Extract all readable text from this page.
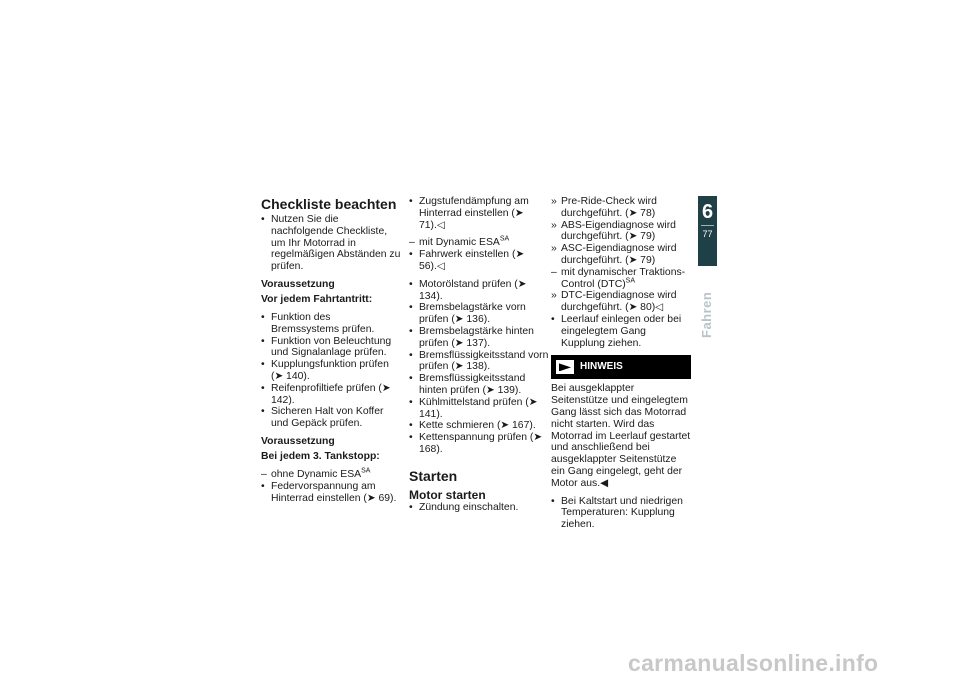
Checkliste beachten
• Nutzen Sie die nachfolgende Checkliste, um Ihr Motorrad in regelmäßigen Abständen zu prüfen.
Voraussetzung
Vor jedem Fahrtantritt:
• Funktion des Bremssystems prüfen.
• Funktion von Beleuchtung und Signalanlage prüfen.
• Kupplungsfunktion prüfen (➤ 140).
• Reifenprofiltiefe prüfen (➤ 142).
• Sicheren Halt von Koffer und Gepäck prüfen.
Voraussetzung
Bei jedem 3. Tankstopp:
– ohne Dynamic $ESA^{SA}$
• Federvorspannung am Hinterrad einstellen (➤ 69).
• Zugstufendämpfung am Hinterrad einstellen (➤ 71).◁
– mit Dynamic $ESA^{SA}$
• Fahrwerk einstellen (➤ 56).◁
• Motorölstand prüfen (➤ 134).
• Bremsbelagstärke vorn prüfen (➤ 136).
• Bremsbelagstärke hinten prüfen (➤ 137).
• Bremsflüssigkeitsstand vorn prüfen (➤ 138).
• Bremsflüssigkeitsstand hinten prüfen (➤ 139).
• Kühlmittelstand prüfen (➤ 141).
• Kette schmieren (➤ 167).
• Kettenspannung prüfen (➤ 168).
Starten
Motor starten
• Zündung einschalten.
» Pre-Ride-Check wird durchgeführt. (➤ 78)
» ABS-Eigendiagnose wird durchgeführt. (➤ 79)
» ASC-Eigendiagnose wird durchgeführt. (➤ 79)
– mit dynamischer Traktions-Control (DTC)$^{SA}$
» DTC-Eigendiagnose wird durchgeführt. (➤ 80)◁
• Leerlauf einlegen oder bei eingelegtem Gang Kupplung ziehen.
HINWEIS

Bei ausgeklappter Seitenstütze und eingelegtem Gang lässt sich das Motorrad nicht starten. Wird das Motorrad im Leerlauf gestartet und anschließend bei ausgeklappter Seitenstütze ein Gang eingelegt, geht der Motor aus.◀

• Bei Kaltstart und niedrigen Temperaturen: Kupplung ziehen.
6
77
Fahren
carmanualsonline.info
